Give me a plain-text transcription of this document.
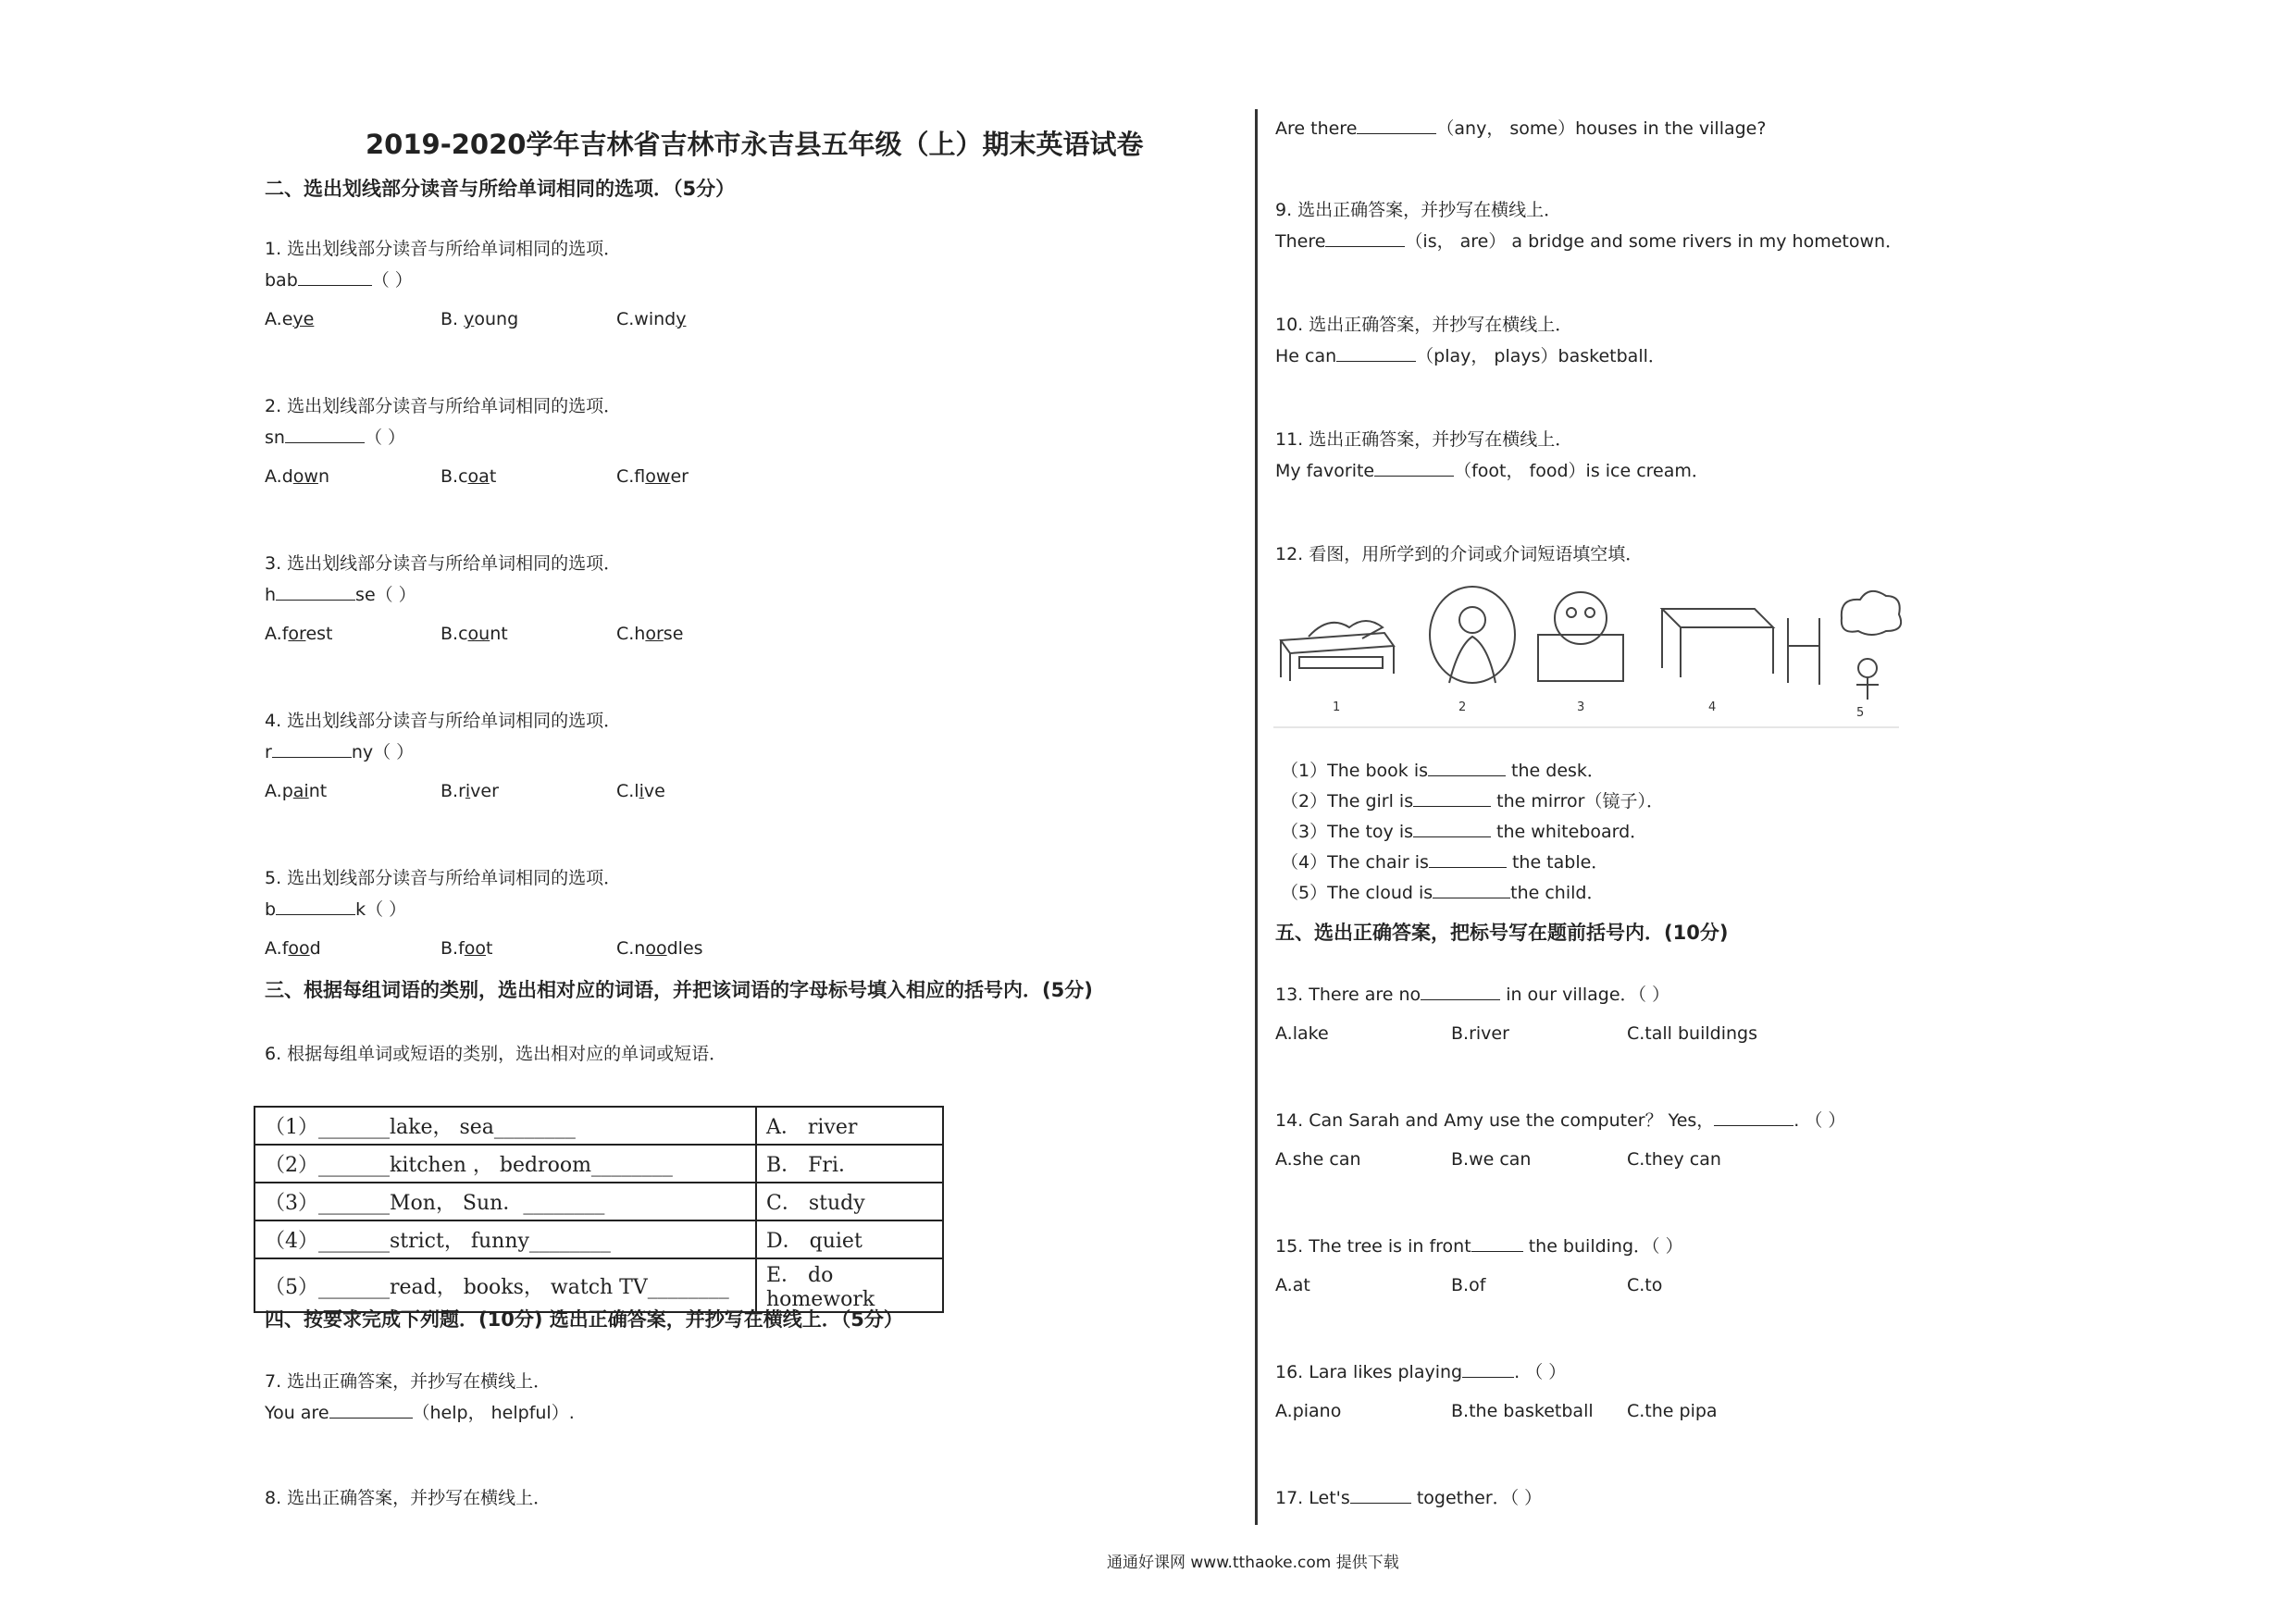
2019-2020学年吉林省吉林市永吉县五年级（上）期末英语试卷
二、选出划线部分读音与所给单词相同的选项．（5分）
1. 选出划线部分读音与所给单词相同的选项．
bab	（ ）
A.eye	B. young	C.windy
2. 选出划线部分读音与所给单词相同的选项．
sn	（ ）
A.down	B.coat	C.flower
3. 选出划线部分读音与所给单词相同的选项．
h	se（ ）
A.forest	B.count	C.horse
4. 选出划线部分读音与所给单词相同的选项．
r	ny（ ）
A.paint	B.river	C.live
5. 选出划线部分读音与所给单词相同的选项．
b	k（ ）
A.food	B.foot	C.noodles
三、根据每组词语的类别，选出相对应的词语，并把该词语的字母标号填入相应的括号内．(5分)
6. 根据每组单词或短语的类别，选出相对应的单词或短语．
（1）_______lake， sea________	A． river
（2）_______kitchen ， bedroom________	B． Fri．
（3）_______Mon， Sun．________	C． study
（4）_______strict， funny________	D． quiet
（5）_______read， books， watch TV________	E． do homework
四、按要求完成下列题．(10分) 选出正确答案，并抄写在横线上．（5分）
7. 选出正确答案，并抄写在横线上．
You are	（help， helpful）.
8. 选出正确答案，并抄写在横线上．
Are there	（any， some）houses in the village?
9. 选出正确答案，并抄写在横线上．
There	（is， are） a bridge and some rivers in my hometown．
10. 选出正确答案，并抄写在横线上．
He can	（play， plays）basketball．
11. 选出正确答案，并抄写在横线上．
My favorite	（foot， food）is ice cream．
12. 看图，用所学到的介词或介词短语填空填．
1	2	3	4	5
（1）The book is	the desk．
（2）The girl is	the mirror（镜子）．
（3）The toy is	the whiteboard．
（4）The chair is	the table．
（5）The cloud is	the child．
五、选出正确答案，把标号写在题前括号内．(10分)
13. There are no	in our village．（ ）
A.lake	B.river	C.tall buildings
14. Can Sarah and Amy use the computer？ Yes，	. （ ）
A.she can	B.we can	C.they can
15. The tree is in front	the building．（ ）
A.at	B.of	C.to
16. Lara likes playing	. （ ）
A.piano	B.the basketball C.the pipa
17. Let's	together．（ ）
通通好课网 www.tthaoke.com 提供下载
